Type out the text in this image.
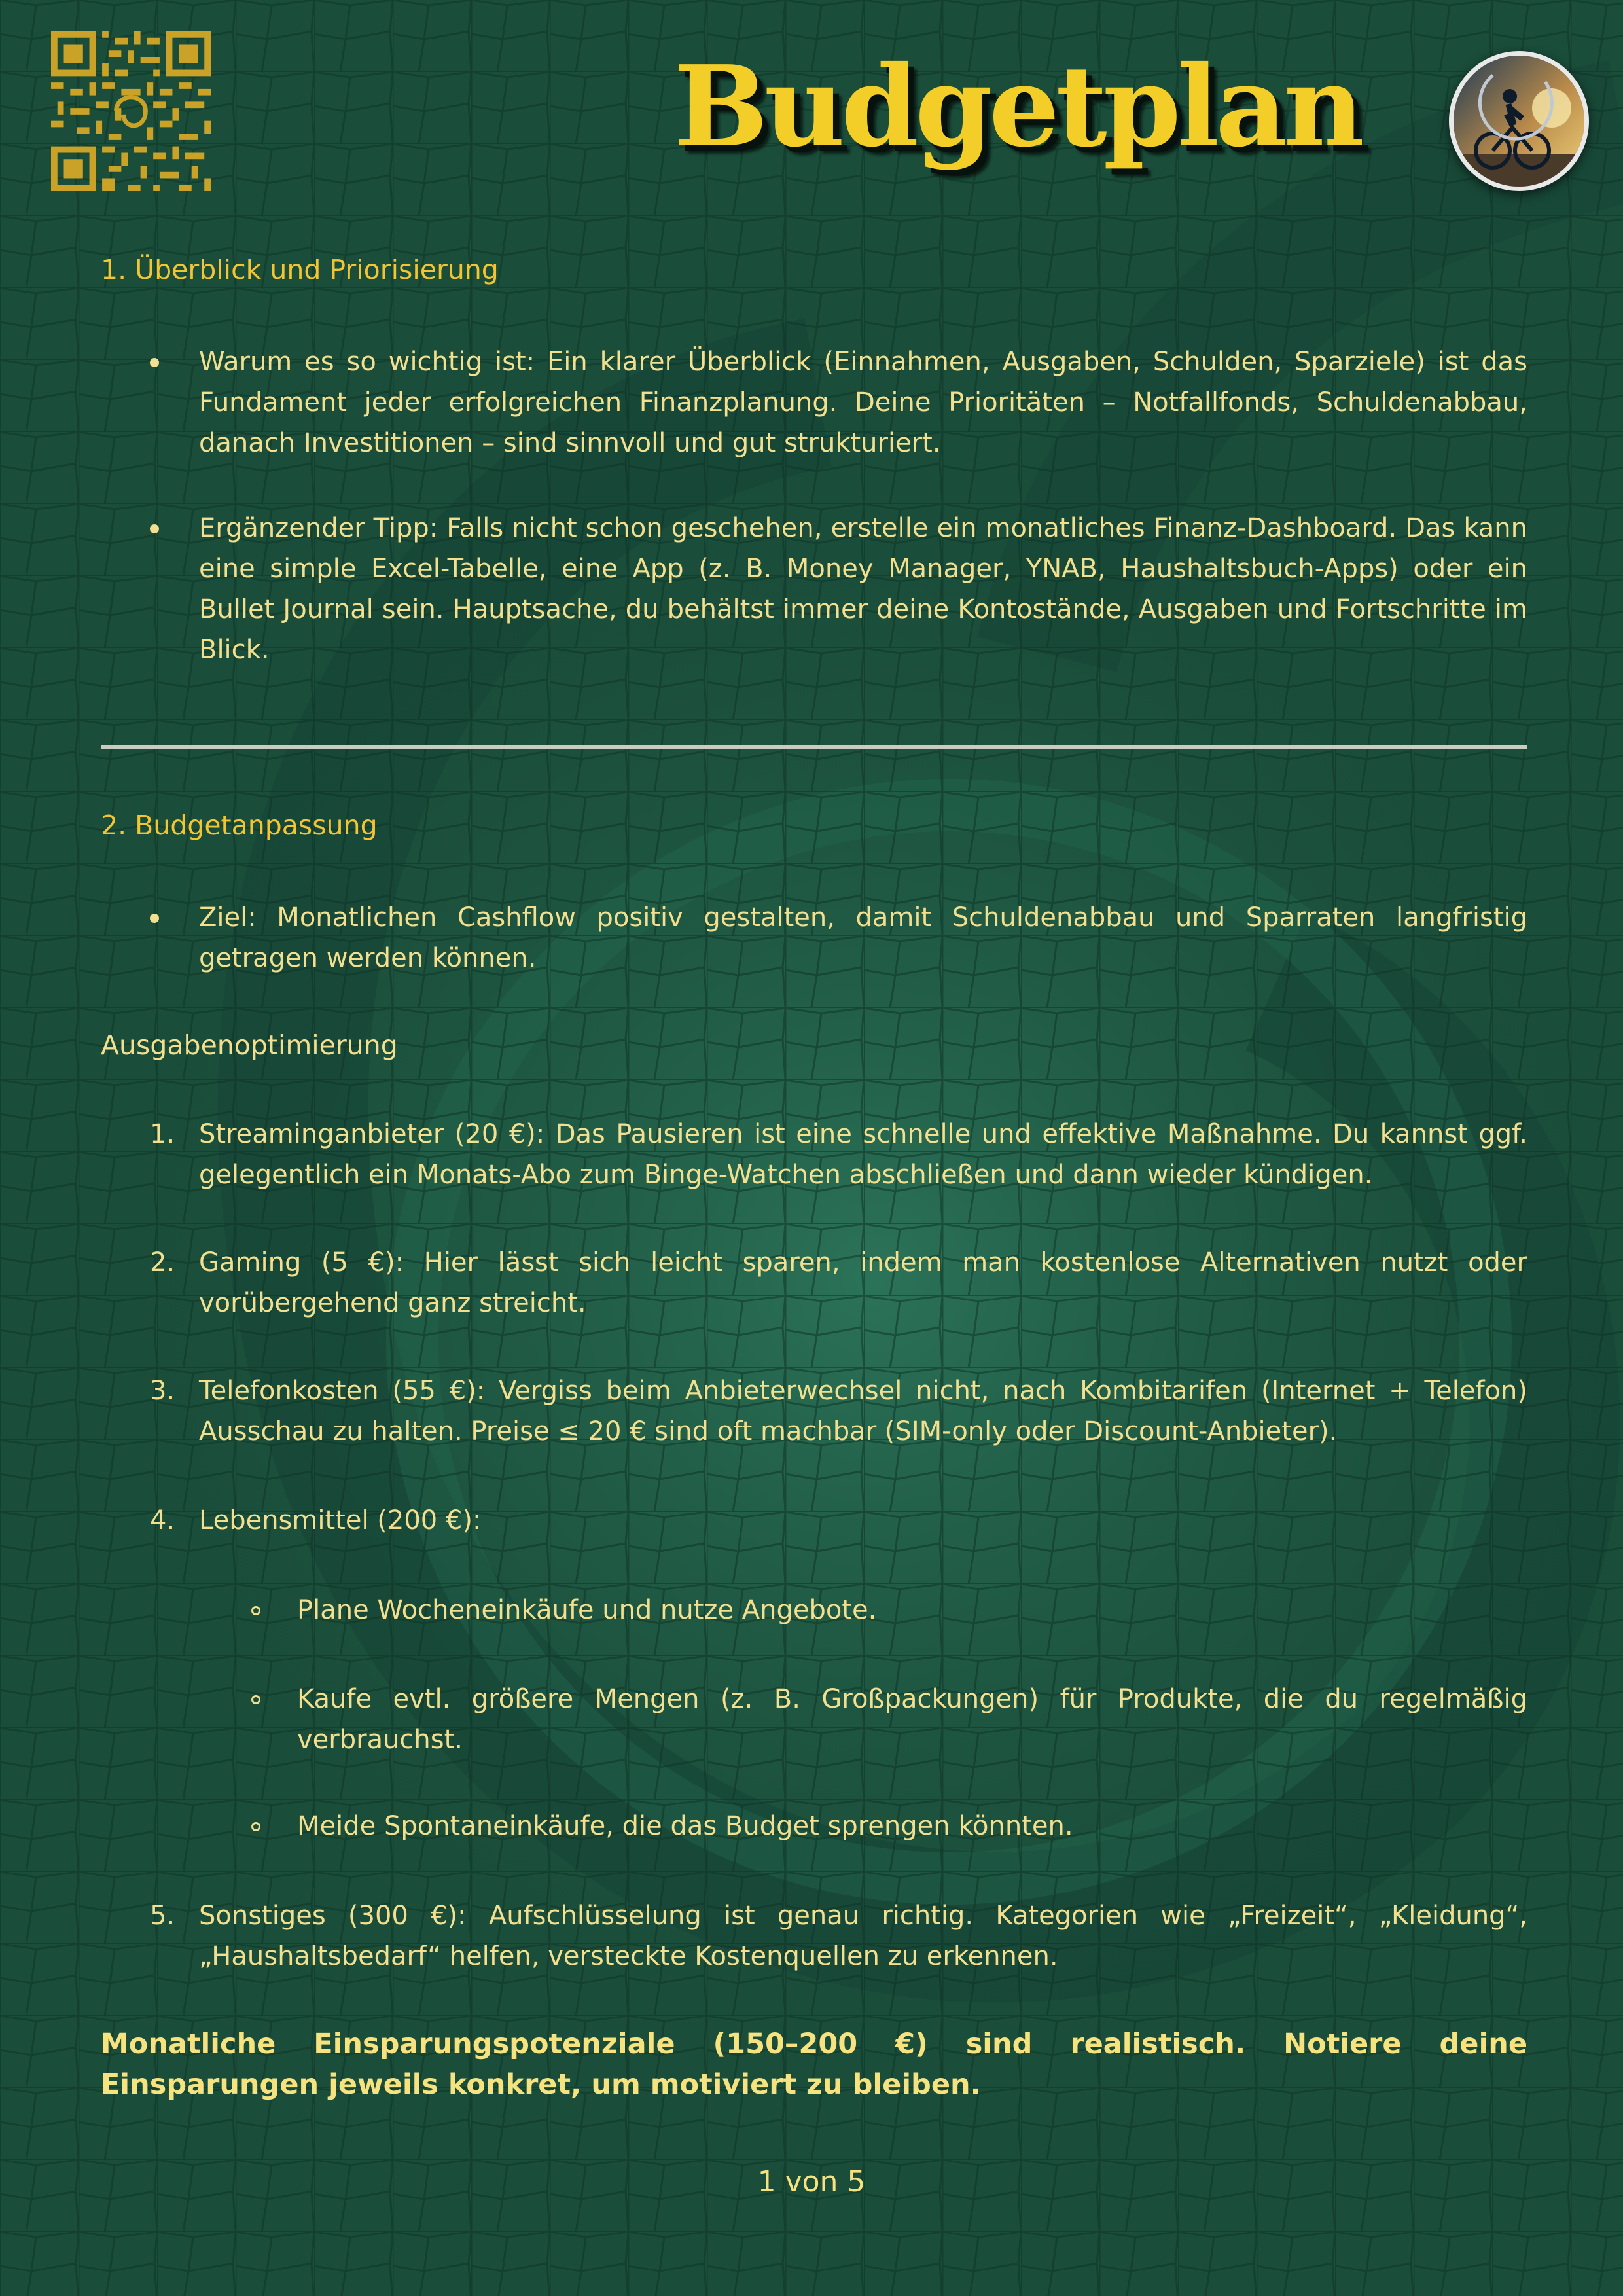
Budgetplan
1. Überblick und Priorisierung

Warum es so wichtig ist: Ein klarer Überblick (Einnahmen, Ausgaben, Schulden, Sparziele) ist das Fundament jeder erfolgreichen Finanzplanung. Deine Prioritäten – Notfallfonds, Schuldenabbau, danach Investitionen – sind sinnvoll und gut strukturiert.

Ergänzender Tipp: Falls nicht schon geschehen, erstelle ein monatliches Finanz-Dashboard. Das kann eine simple Excel-Tabelle, eine App (z. B. Money Manager, YNAB, Haushaltsbuch-Apps) oder ein Bullet Journal sein. Hauptsache, du behältst immer deine Kontostände, Ausgaben und Fortschritte im Blick.

2. Budgetanpassung

Ziel: Monatlichen Cashflow positiv gestalten, damit Schuldenabbau und Sparraten langfristig getragen werden können.

Ausgabenoptimierung
1. Streaminganbieter (20 €): Das Pausieren ist eine schnelle und effektive Maßnahme. Du kannst ggf. gelegentlich ein Monats-Abo zum Binge-Watchen abschließen und dann wieder kündigen.

2. Gaming (5 €): Hier lässt sich leicht sparen, indem man kostenlose Alternativen nutzt oder vorübergehend ganz streicht.

3. Telefonkosten (55 €): Vergiss beim Anbieterwechsel nicht, nach Kombitarifen (Internet + Telefon) Ausschau zu halten. Preise ≤ 20 € sind oft machbar (SIM-only oder Discount-Anbieter).

4. Lebensmittel (200 €):

Plane Wocheneinkäufe und nutze Angebote.

Kaufe evtl. größere Mengen (z. B. Großpackungen) für Produkte, die du regelmäßig verbrauchst.

Meide Spontaneinkäufe, die das Budget sprengen könnten.

5. Sonstiges (300 €): Aufschlüsselung ist genau richtig. Kategorien wie „Freizeit“, „Kleidung“, „Haushaltsbedarf“ helfen, versteckte Kostenquellen zu erkennen.

Monatliche Einsparungspotenziale (150–200 €) sind realistisch. Notiere deine Einsparungen jeweils konkret, um motiviert zu bleiben.

1 von 5
